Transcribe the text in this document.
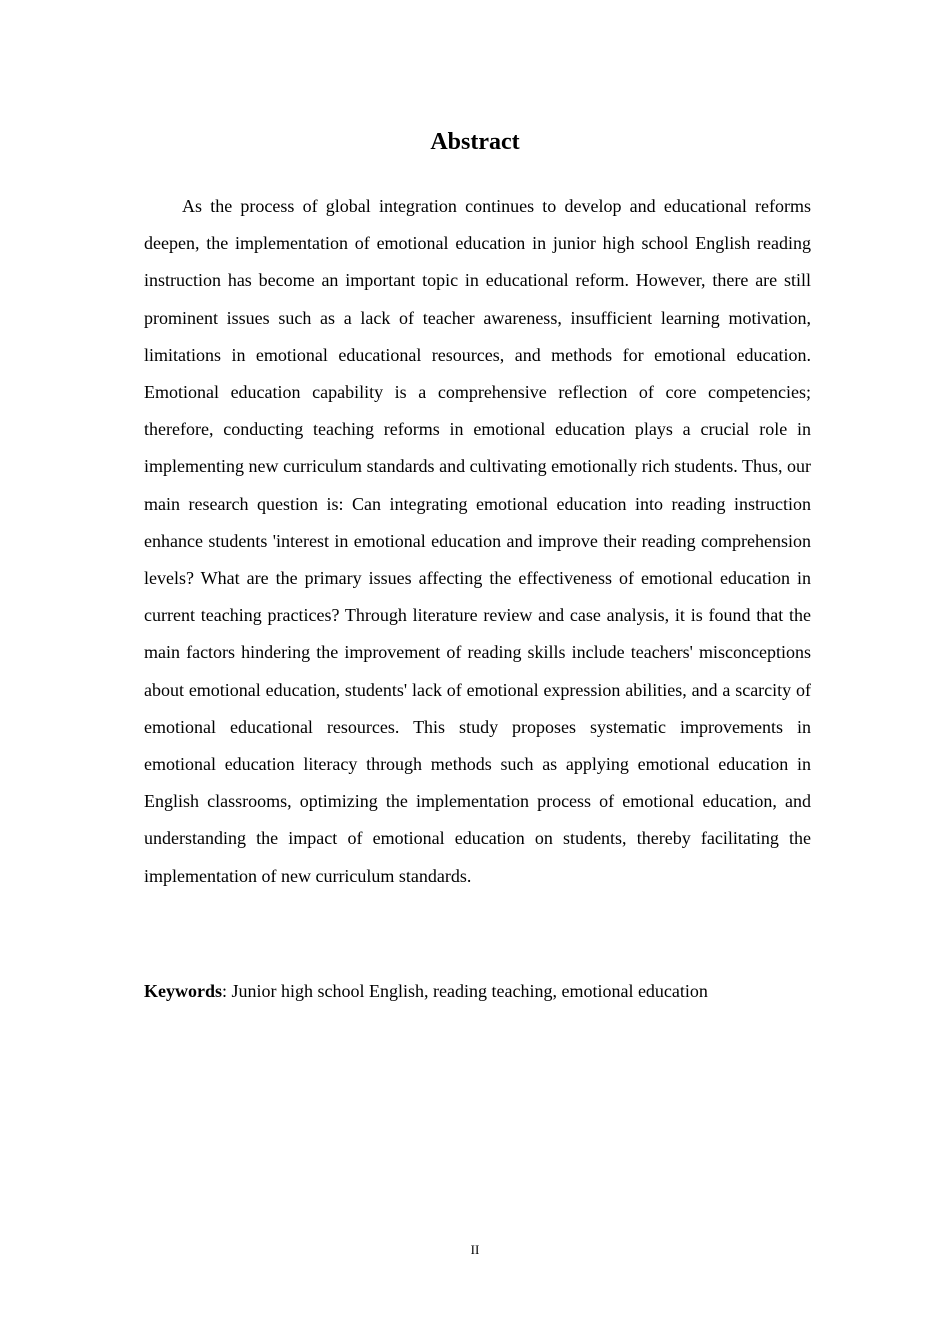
Abstract

As the process of global integration continues to develop and educational reforms deepen, the implementation of emotional education in junior high school English reading instruction has become an important topic in educational reform. However, there are still prominent issues such as a lack of teacher awareness, insufficient learning motivation, limitations in emotional educational resources, and methods for emotional education. Emotional education capability is a comprehensive reflection of core competencies; therefore, conducting teaching reforms in emotional education plays a crucial role in implementing new curriculum standards and cultivating emotionally rich students. Thus, our main research question is: Can integrating emotional education into reading instruction enhance students 'interest in emotional education and improve their reading comprehension levels? What are the primary issues affecting the effectiveness of emotional education in current teaching practices? Through literature review and case analysis, it is found that the main factors hindering the improvement of reading skills include teachers' misconceptions about emotional education, students' lack of emotional expression abilities, and a scarcity of emotional educational resources. This study proposes systematic improvements in emotional education literacy through methods such as applying emotional education in English classrooms, optimizing the implementation process of emotional education, and understanding the impact of emotional education on students, thereby facilitating the implementation of new curriculum standards.

Keywords: Junior high school English, reading teaching, emotional education

II
